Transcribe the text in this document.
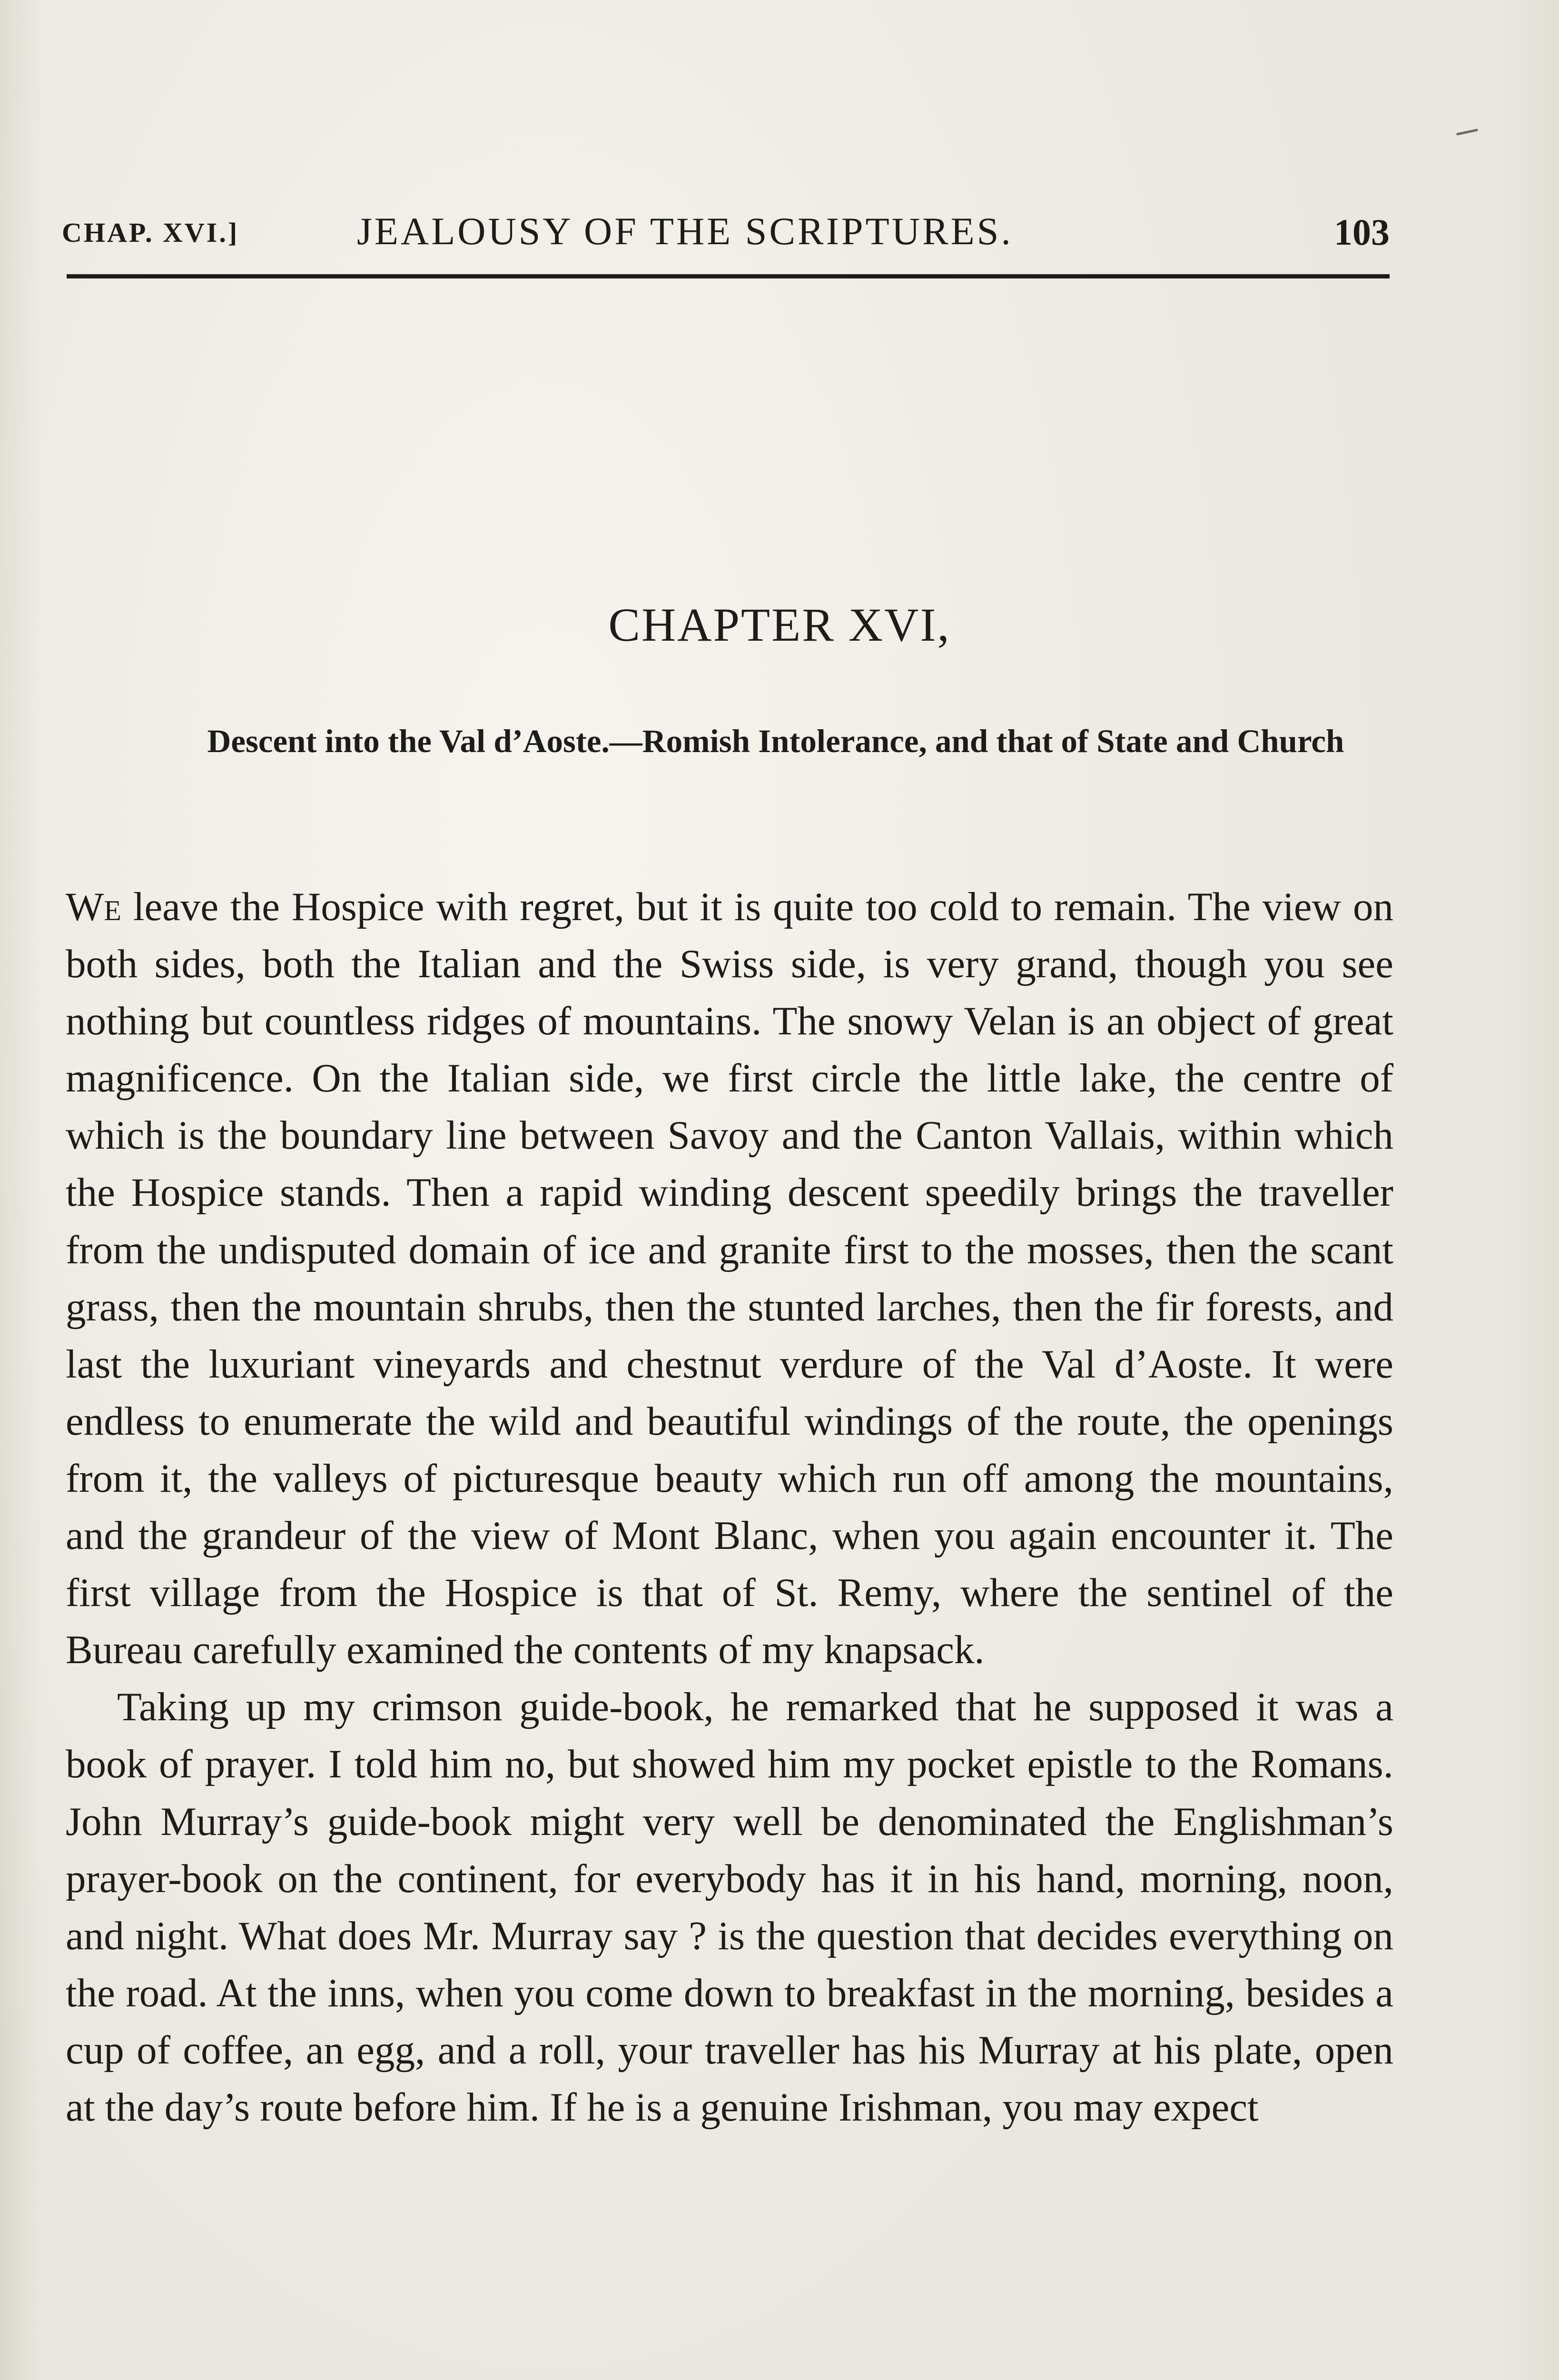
CHAP. XVI.]	JEALOUSY OF THE SCRIPTURES.	103
CHAPTER XVI,
Descent into the Val d’Aoste.—Romish Intolerance, and that of State and Church

We leave the Hospice with regret, but it is quite too cold to remain. The view on both sides, both the Italian and the Swiss side, is very grand, though you see nothing but countless ridges of mountains. The snowy Velan is an object of great magnificence. On the Italian side, we first circle the little lake, the centre of which is the boundary line between Savoy and the Canton Vallais, within which the Hospice stands. Then a rapid winding descent speedily brings the traveller from the undisputed domain of ice and granite first to the mosses, then the scant grass, then the mountain shrubs, then the stunted larches, then the fir forests, and last the luxuriant vineyards and chestnut verdure of the Val d’Aoste. It were endless to enumerate the wild and beautiful windings of the route, the openings from it, the valleys of picturesque beauty which run off among the mountains, and the grandeur of the view of Mont Blanc, when you again encounter it. The first village from the Hospice is that of St. Remy, where the sentinel of the Bureau carefully examined the contents of my knapsack.

Taking up my crimson guide-book, he remarked that he supposed it was a book of prayer. I told him no, but showed him my pocket epistle to the Romans. John Murray’s guide-book might very well be denominated the Englishman’s prayer-book on the continent, for everybody has it in his hand, morning, noon, and night. What does Mr. Murray say ? is the question that decides everything on the road. At the inns, when you come down to breakfast in the morning, besides a cup of coffee, an egg, and a roll, your traveller has his Murray at his plate, open at the day’s route before him. If he is a genuine Irishman, you may expect
